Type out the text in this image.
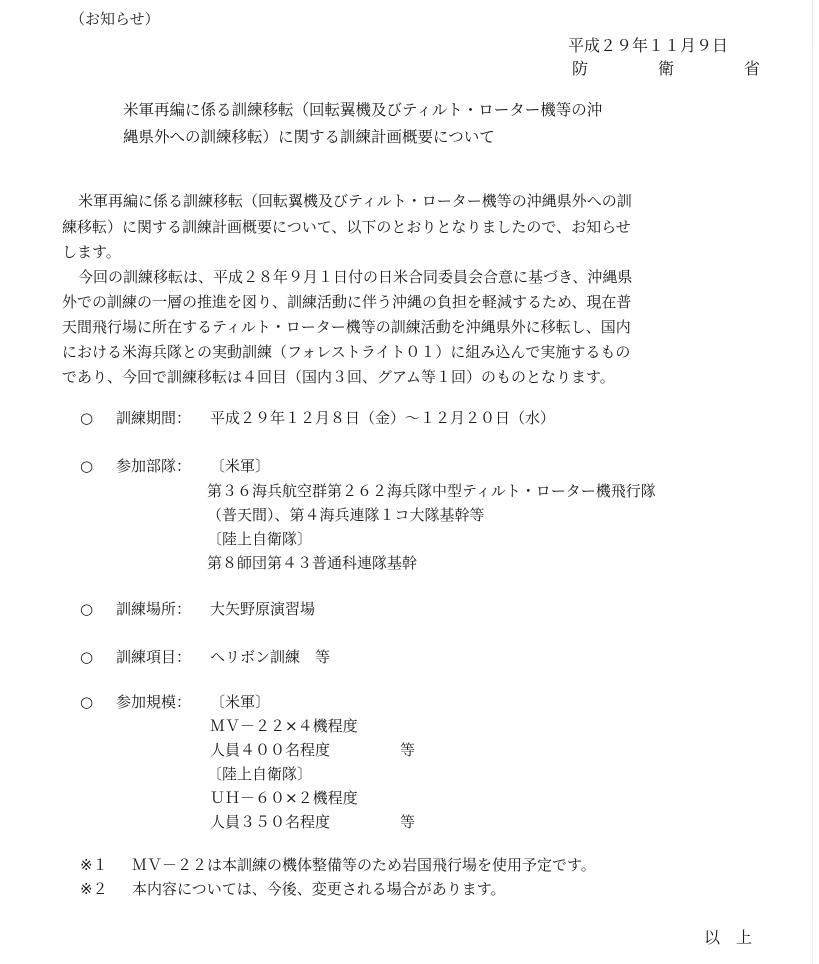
（お知らせ）
平成２９年１１月９日
防	衛	省
米軍再編に係る訓練移転（回転翼機及びティルト・ローター機等の沖
縄県外への訓練移転）に関する訓練計画概要について
米軍再編に係る訓練移転（回転翼機及びティルト・ローター機等の沖縄県外への訓
練移転）に関する訓練計画概要について、以下のとおりとなりましたので、お知らせ
します。
今回の訓練移転は、平成２８年９月１日付の日米合同委員会合意に基づき、沖縄県
外での訓練の一層の推進を図り、訓練活動に伴う沖縄の負担を軽減するため、現在普
天間飛行場に所在するティルト・ローター機等の訓練活動を沖縄県外に移転し、国内
における米海兵隊との実動訓練（フォレストライト０１）に組み込んで実施するもの
であり、今回で訓練移転は４回目（国内３回、グアム等１回）のものとなります。
○ 訓練期間： 平成２９年１２月８日（金）～１２月２０日（水）
○ 参加部隊： 〔米軍〕
第３６海兵航空群第２６２海兵隊中型ティルト・ローター機飛行隊
（普天間）、第４海兵連隊１コ大隊基幹等
〔陸上自衛隊〕
第８師団第４３普通科連隊基幹
○ 訓練場所： 大矢野原演習場
○ 訓練項目： ヘリボン訓練　等
○ 参加規模： 〔米軍〕
ＭＶ－２２×４機程度
人員４００名程度	等
〔陸上自衛隊〕
ＵＨ－６０×２機程度
人員３５０名程度	等
※１ ＭＶ－２２は本訓練の機体整備等のため岩国飛行場を使用予定です。
※２ 本内容については、今後、変更される場合があります。
以　上
